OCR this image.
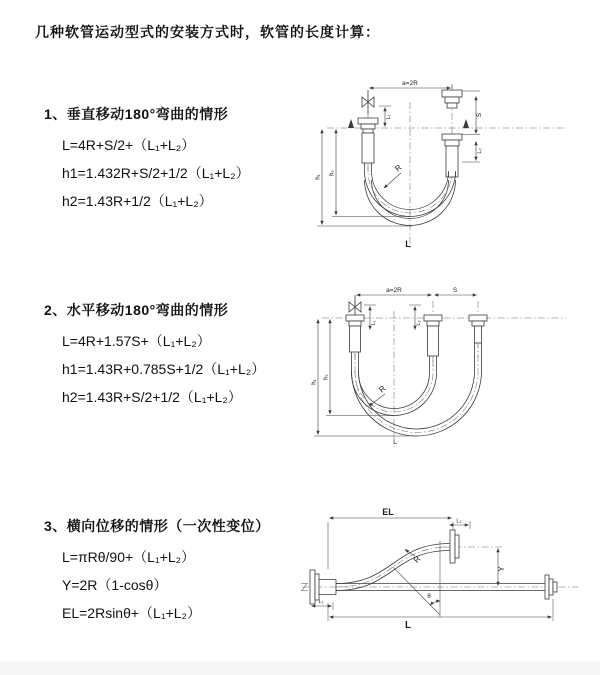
几种软管运动型式的安装方式时，软管的长度计算：
1、垂直移动180°弯曲的情形
L=4R+S/2+（L₁+L₂）
h1=1.432R+S/2+1/2（L₁+L₂）
h2=1.43R+1/2（L₁+L₂）
2、水平移动180°弯曲的情形
L=4R+1.57S+（L₁+L₂）
h1=1.43R+0.785S+1/2（L₁+L₂）
h2=1.43R+S/2+1/2（L₁+L₂）
3、横向位移的情形（一次性变位）
L=πRθ/90+（L₁+L₂）
Y=2R（1-cosθ）
EL=2Rsinθ+（L₁+L₂）
a=2R
L₁	S
L₂
h₁
h₂	R
L
a=2R	S
L₁	L₂
h₁
h₂
R
L
EL
L₂
Y
L
L₁
R
θ
